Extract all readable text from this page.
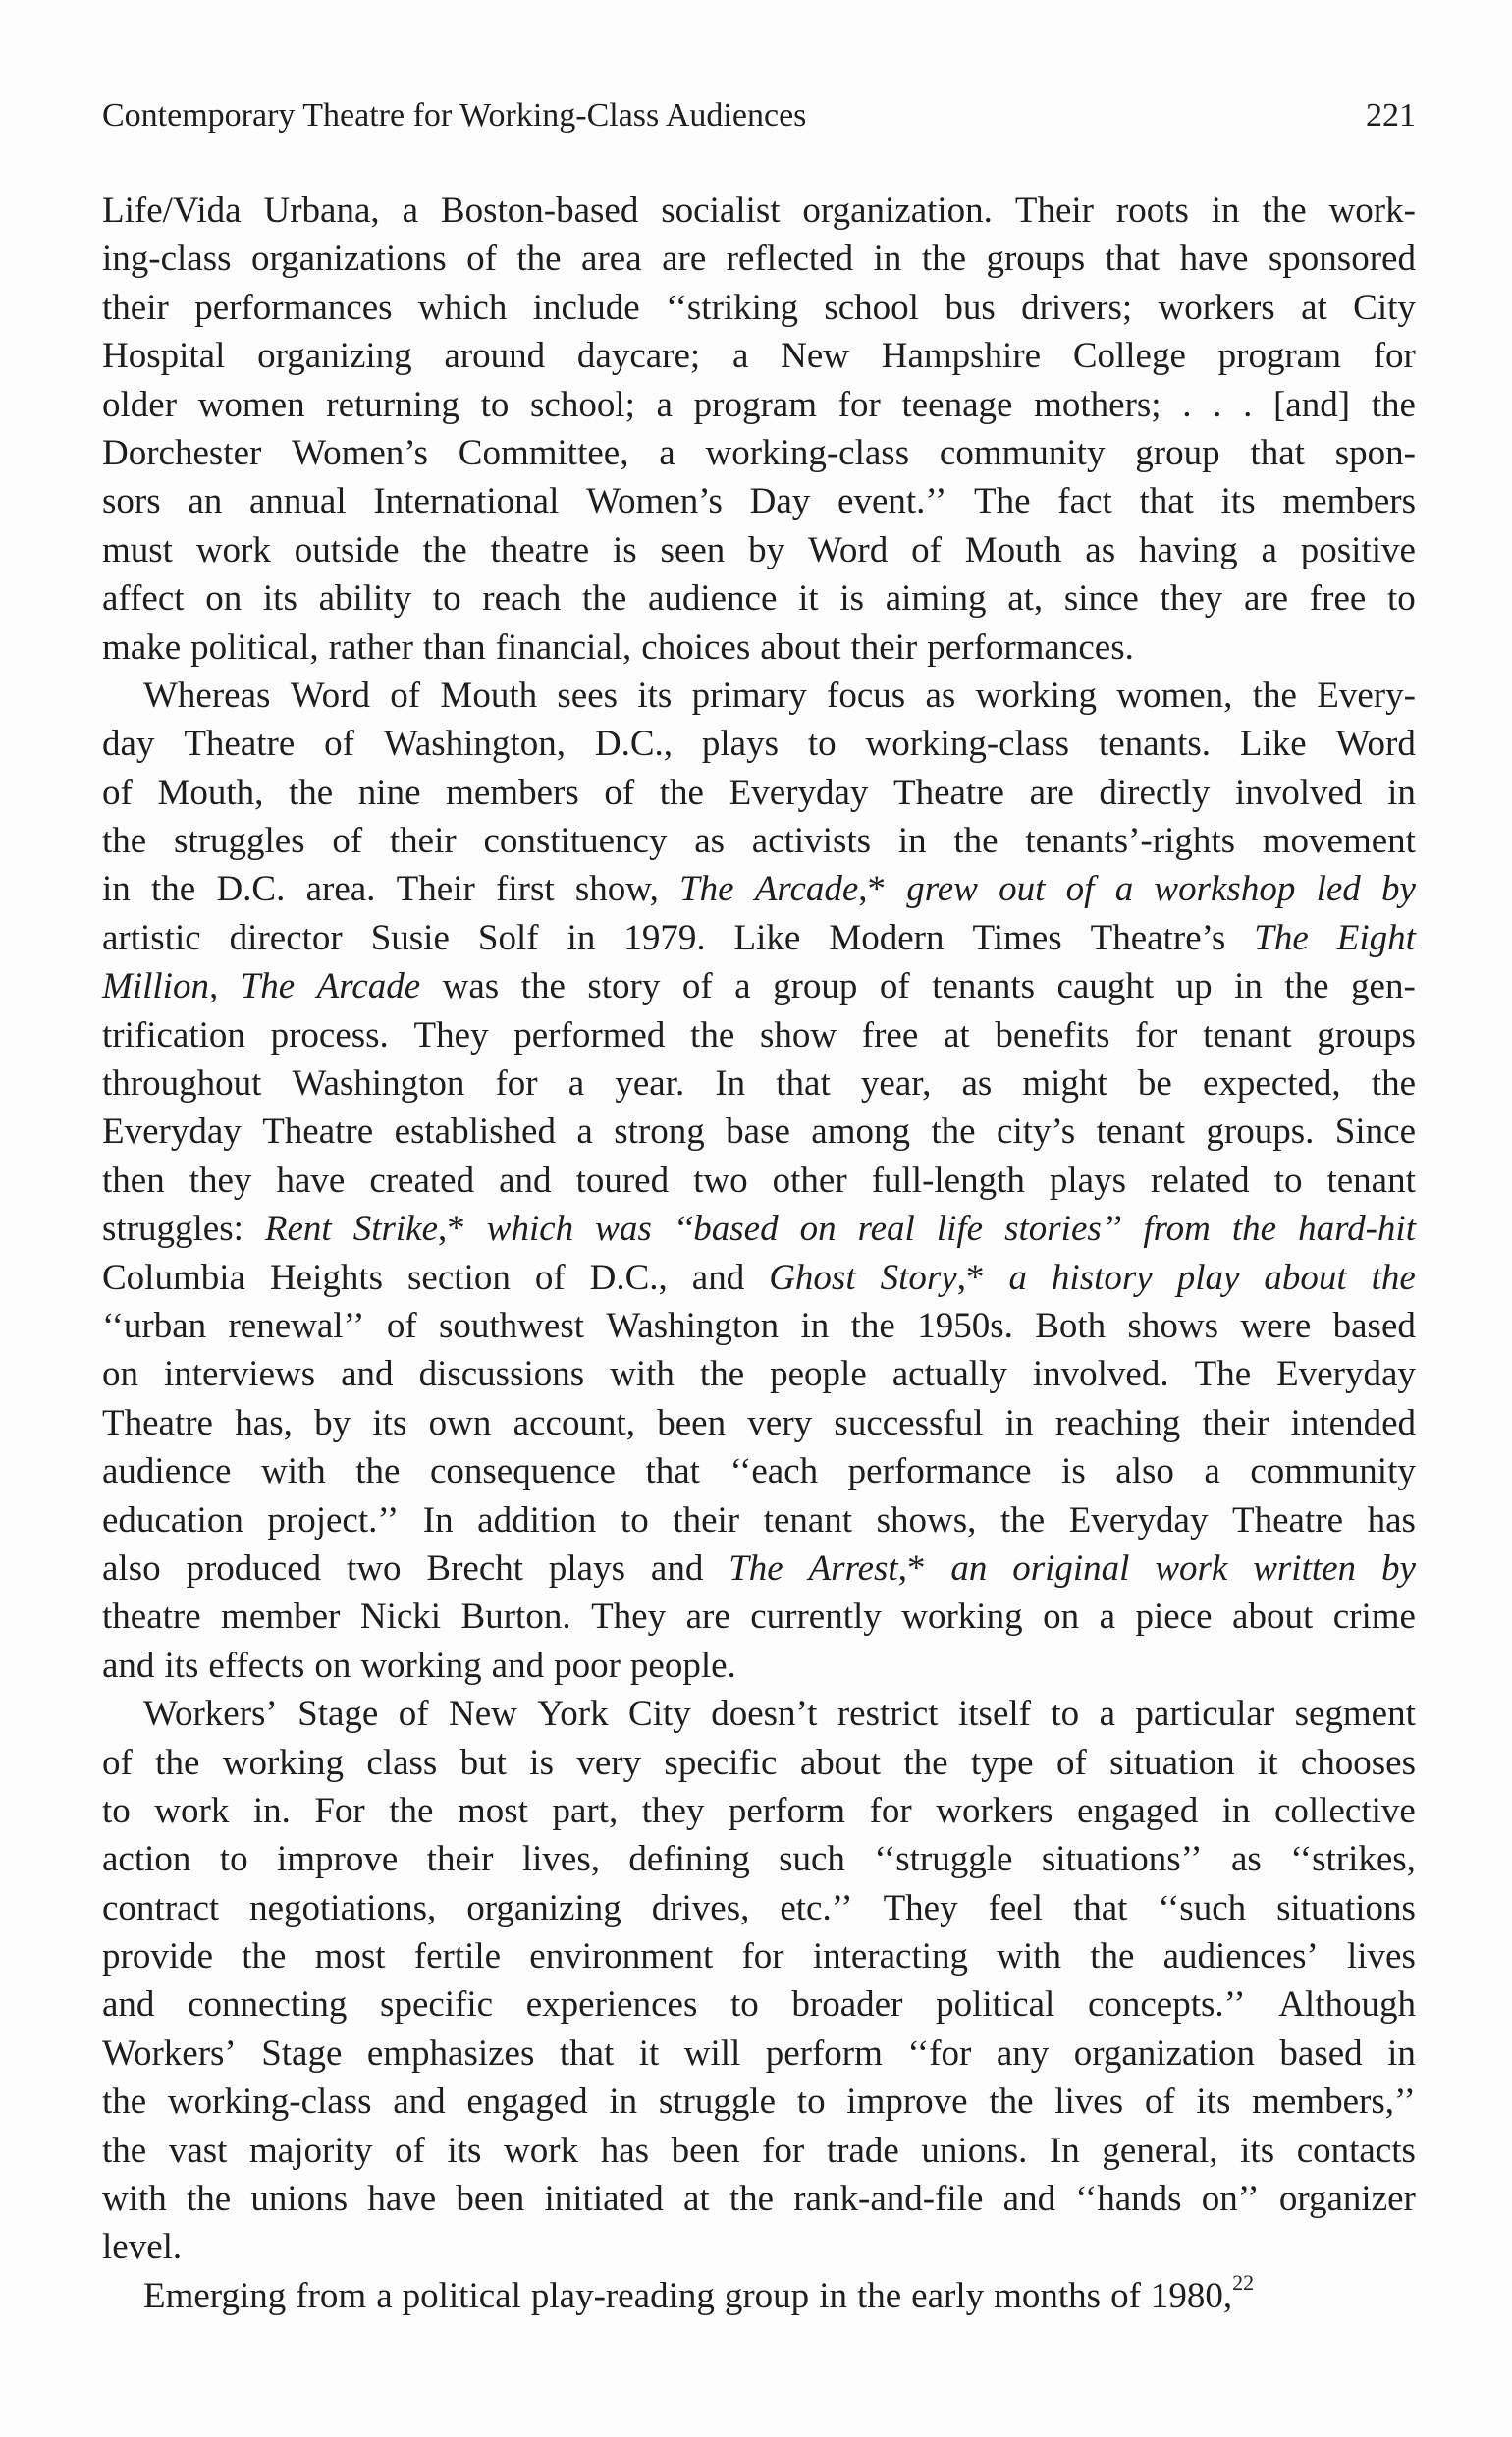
Contemporary Theatre for Working-Class Audiences	221
Life/Vida Urbana, a Boston-based socialist organization. Their roots in the work-
ing-class organizations of the area are reflected in the groups that have sponsored
their performances which include ‘‘striking school bus drivers; workers at City
Hospital organizing around daycare; a New Hampshire College program for
older women returning to school; a program for teenage mothers; . . . [and] the
Dorchester Women’s Committee, a working-class community group that spon-
sors an annual International Women’s Day event.’’ The fact that its members
must work outside the theatre is seen by Word of Mouth as having a positive
affect on its ability to reach the audience it is aiming at, since they are free to
make political, rather than financial, choices about their performances.
Whereas Word of Mouth sees its primary focus as working women, the Every-
day Theatre of Washington, D.C., plays to working-class tenants. Like Word
of Mouth, the nine members of the Everyday Theatre are directly involved in
the struggles of their constituency as activists in the tenants’-rights movement
in the D.C. area. Their first show, The Arcade,* grew out of a workshop led by
artistic director Susie Solf in 1979. Like Modern Times Theatre’s The Eight
Million, The Arcade was the story of a group of tenants caught up in the gen-
trification process. They performed the show free at benefits for tenant groups
throughout Washington for a year. In that year, as might be expected, the
Everyday Theatre established a strong base among the city’s tenant groups. Since
then they have created and toured two other full-length plays related to tenant
struggles: Rent Strike,* which was ‘‘based on real life stories’’ from the hard-hit
Columbia Heights section of D.C., and Ghost Story,* a history play about the
‘‘urban renewal’’ of southwest Washington in the 1950s. Both shows were based
on interviews and discussions with the people actually involved. The Everyday
Theatre has, by its own account, been very successful in reaching their intended
audience with the consequence that ‘‘each performance is also a community
education project.’’ In addition to their tenant shows, the Everyday Theatre has
also produced two Brecht plays and The Arrest,* an original work written by
theatre member Nicki Burton. They are currently working on a piece about crime
and its effects on working and poor people.
Workers’ Stage of New York City doesn’t restrict itself to a particular segment
of the working class but is very specific about the type of situation it chooses
to work in. For the most part, they perform for workers engaged in collective
action to improve their lives, defining such ‘‘struggle situations’’ as ‘‘strikes,
contract negotiations, organizing drives, etc.’’ They feel that ‘‘such situations
provide the most fertile environment for interacting with the audiences’ lives
and connecting specific experiences to broader political concepts.’’ Although
Workers’ Stage emphasizes that it will perform ‘‘for any organization based in
the working-class and engaged in struggle to improve the lives of its members,’’
the vast majority of its work has been for trade unions. In general, its contacts
with the unions have been initiated at the rank-and-file and ‘‘hands on’’ organizer
level.
Emerging from a political play-reading group in the early months of 1980,22
